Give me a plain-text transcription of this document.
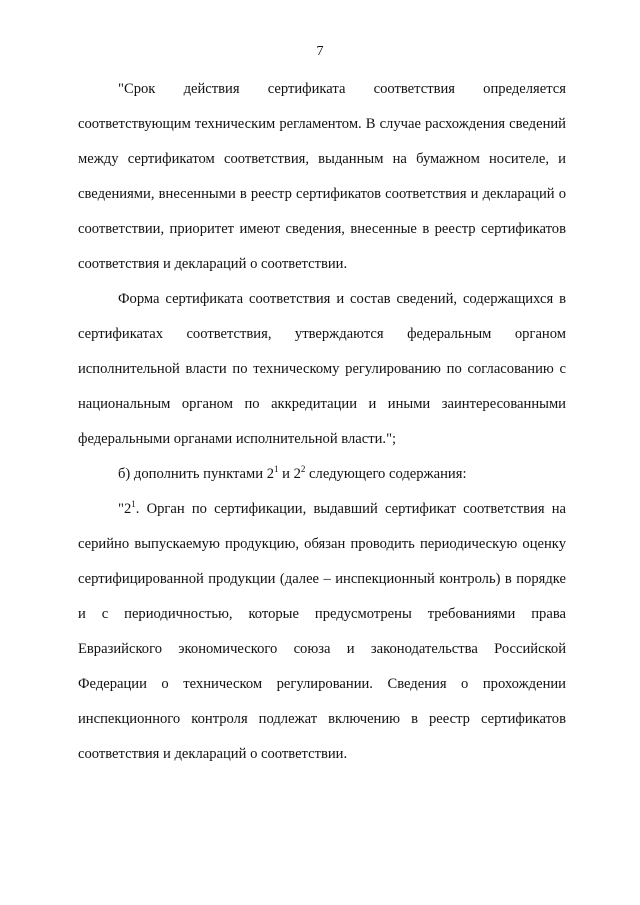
7

"Срок действия сертификата соответствия определяется соответствующим техническим регламентом. В случае расхождения сведений между сертификатом соответствия, выданным на бумажном носителе, и сведениями, внесенными в реестр сертификатов соответствия и деклараций о соответствии, приоритет имеют сведения, внесенные в реестр сертификатов соответствия и деклараций о соответствии.

Форма сертификата соответствия и состав сведений, содержащихся в сертификатах соответствия, утверждаются федеральным органом исполнительной власти по техническому регулированию по согласованию с национальным органом по аккредитации и иными заинтересованными федеральными органами исполнительной власти.";

б) дополнить пунктами $2^1$ и $2^2$ следующего содержания:

"$2^1$. Орган по сертификации, выдавший сертификат соответствия на серийно выпускаемую продукцию, обязан проводить периодическую оценку сертифицированной продукции (далее – инспекционный контроль) в порядке и с периодичностью, которые предусмотрены требованиями права Евразийского экономического союза и законодательства Российской Федерации о техническом регулировании. Сведения о прохождении инспекционного контроля подлежат включению в реестр сертификатов соответствия и деклараций о соответствии.
